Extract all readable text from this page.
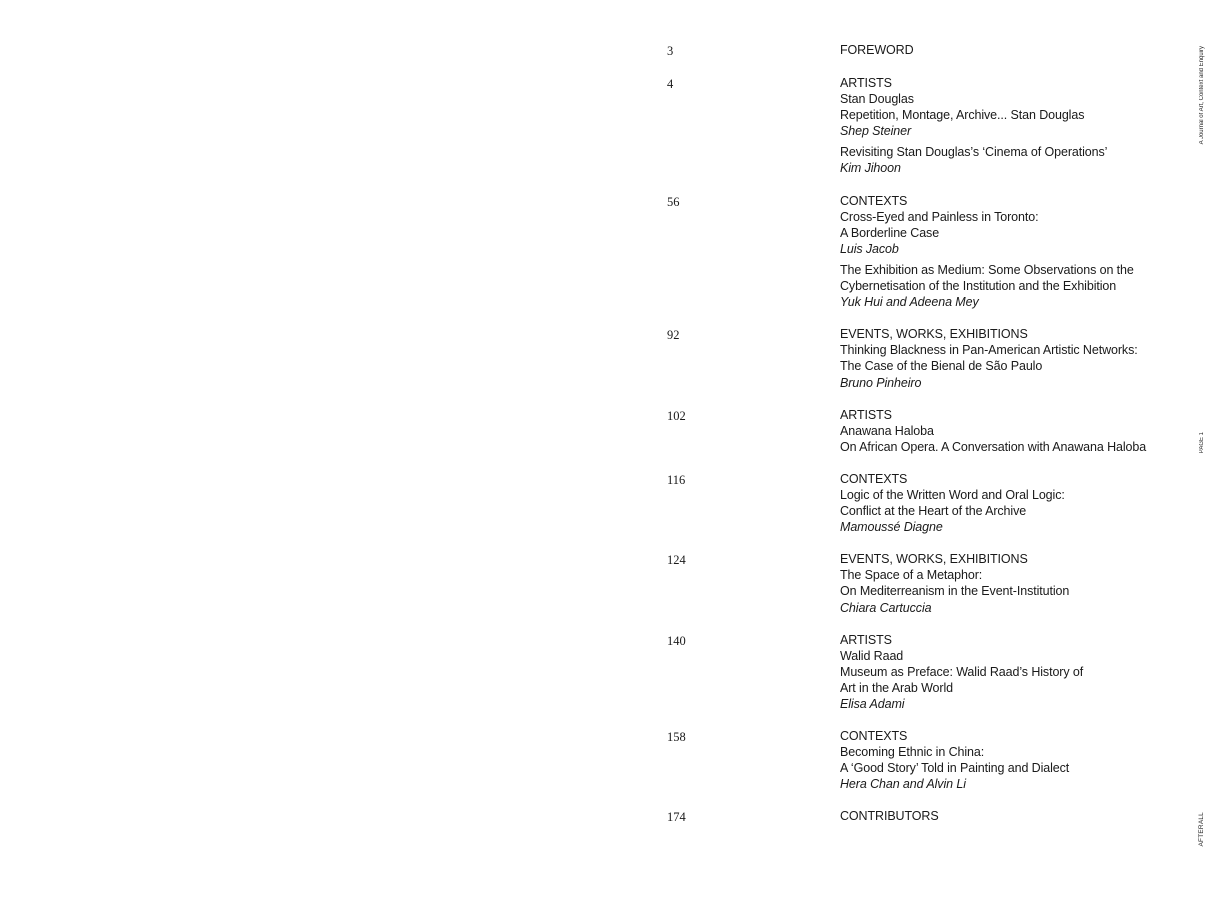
3	FOREWORD
4	ARTISTS
Stan Douglas
Repetition, Montage, Archive... Stan Douglas
Shep Steiner
Revisiting Stan Douglas’s ‘Cinema of Operations’
Kim Jihoon
56	CONTEXTS
Cross-Eyed and Painless in Toronto:
A Borderline Case
Luis Jacob
The Exhibition as Medium: Some Observations on the
Cybernetisation of the Institution and the Exhibition
Yuk Hui and Adeena Mey
92	EVENTS, WORKS, EXHIBITIONS
Thinking Blackness in Pan-American Artistic Networks:
The Case of the Bienal de São Paulo
Bruno Pinheiro
102	ARTISTS
Anawana Haloba
On African Opera. A Conversation with Anawana Haloba
116	CONTEXTS
Logic of the Written Word and Oral Logic:
Conflict at the Heart of the Archive
Mamoussé Diagne
124	EVENTS, WORKS, EXHIBITIONS
The Space of a Metaphor:
On Mediterreanism in the Event-Institution
Chiara Cartuccia
140	ARTISTS
Walid Raad
Museum as Preface: Walid Raad’s History of
Art in the Arab World
Elisa Adami
158	CONTEXTS
Becoming Ethnic in China:
A ‘Good Story’ Told in Painting and Dialect
Hera Chan and Alvin Li
174	CONTRIBUTORS
A Journal of Art, Context and Enquiry
PAGE 1
AFTERALL
